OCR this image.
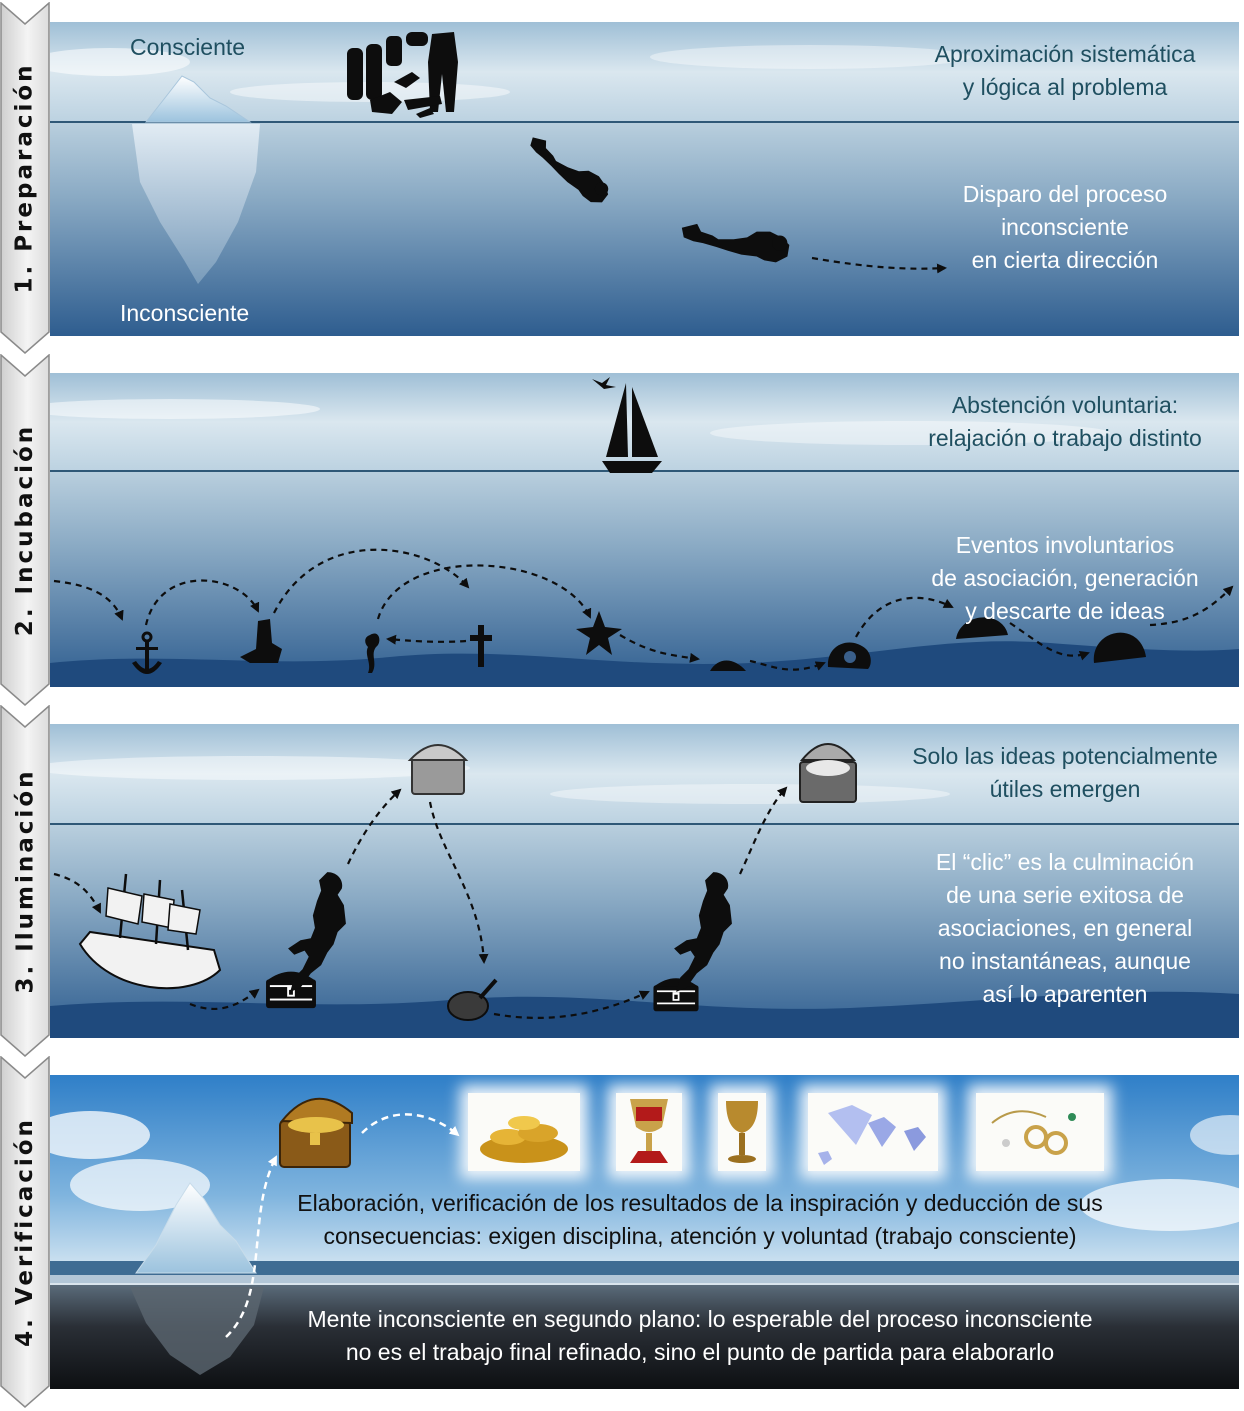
1. Preparación
2. Incubación
3. Iluminación
4. Verificación
Consciente
Inconsciente
Aproximación sistemática
y lógica al problema
Disparo del proceso
inconsciente
en cierta dirección
Abstención voluntaria:
relajación o trabajo distinto
Eventos involuntarios
de asociación, generación
y descarte de ideas
Solo las ideas potencialmente
útiles emergen
El “clic” es la culminación
de una serie exitosa de
asociaciones, en general
no instantáneas, aunque
así lo aparenten
Elaboración, verificación de los resultados de la inspiración y deducción de sus
consecuencias: exigen disciplina, atención y voluntad (trabajo consciente)
Mente inconsciente en segundo plano: lo esperable del proceso inconsciente
no es el trabajo final refinado, sino el punto de partida para elaborarlo
